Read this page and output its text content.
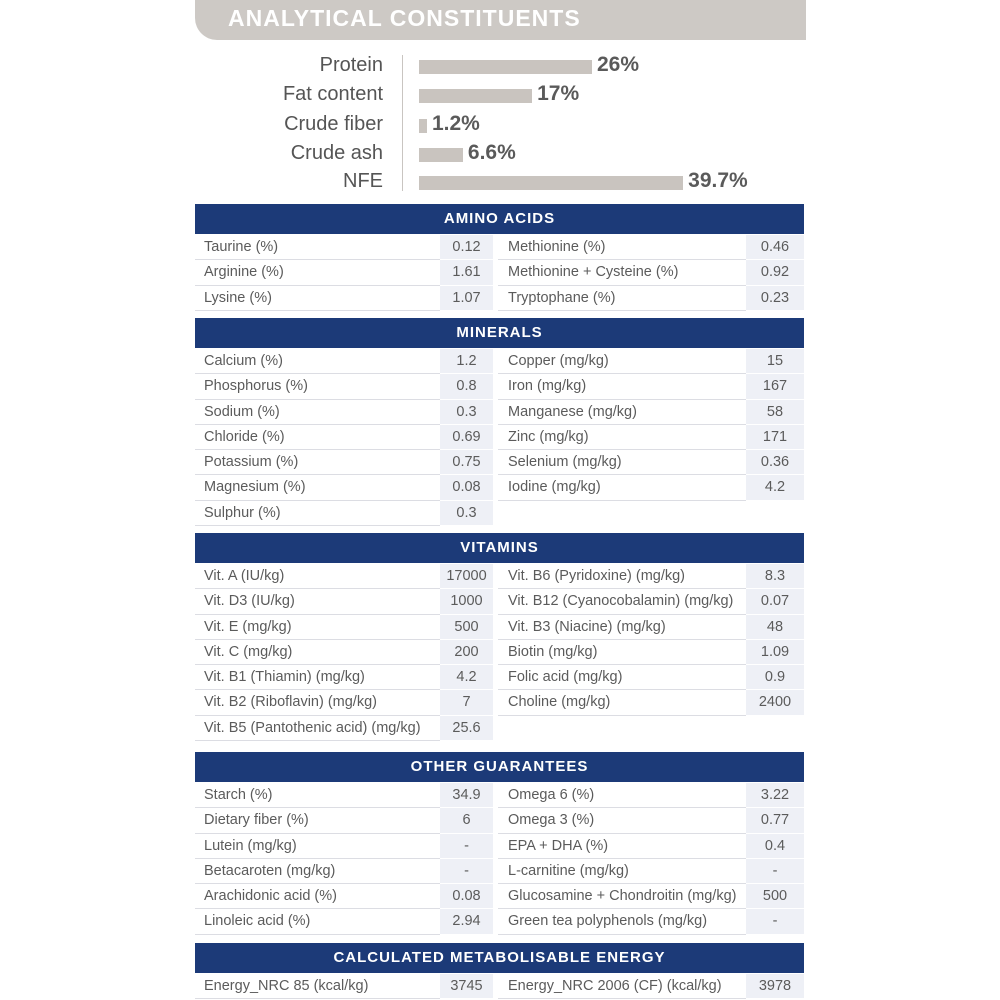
ANALYTICAL CONSTITUENTS
Protein	26%
Fat content	17%
Crude fiber 1.2%
Crude ash	6.6%
NFE	39.7%
AMINO ACIDS
Taurine (%)	0.12	Methionine (%)	0.46
Arginine (%)	1.61	Methionine + Cysteine (%)	0.92
Lysine (%)	1.07	Tryptophane (%)	0.23
MINERALS
Calcium (%)	1.2	Copper (mg/kg)	15
Phosphorus (%)	0.8	Iron (mg/kg)	167
Sodium (%)	0.3	Manganese (mg/kg)	58
Chloride (%)	0.69	Zinc (mg/kg)	171
Potassium (%)	0.75	Selenium (mg/kg)	0.36
Magnesium (%)	0.08	Iodine (mg/kg)	4.2
Sulphur (%)	0.3
VITAMINS
Vit. A (IU/kg)	17000	Vit. B6 (Pyridoxine) (mg/kg)	8.3
Vit. D3 (IU/kg)	1000	Vit. B12 (Cyanocobalamin) (mg/kg)	0.07
Vit. E (mg/kg)	500	Vit. B3 (Niacine) (mg/kg)	48
Vit. C (mg/kg)	200	Biotin (mg/kg)	1.09
Vit. B1 (Thiamin) (mg/kg)	4.2	Folic acid (mg/kg)	0.9
Vit. B2 (Riboflavin) (mg/kg)	7	Choline (mg/kg)	2400
Vit. B5 (Pantothenic acid) (mg/kg)	25.6
OTHER GUARANTEES
Starch (%)	34.9	Omega 6 (%)	3.22
Dietary fiber (%)	6	Omega 3 (%)	0.77
Lutein (mg/kg)	-	EPA + DHA (%)	0.4
Betacaroten (mg/kg)	-	L-carnitine (mg/kg)	-
Arachidonic acid (%)	0.08	Glucosamine + Chondroitin (mg/kg)	500
Linoleic acid (%)	2.94	Green tea polyphenols (mg/kg)	-
CALCULATED METABOLISABLE ENERGY
Energy_NRC 85 (kcal/kg)	3745	Energy_NRC 2006 (CF) (kcal/kg)	3978
